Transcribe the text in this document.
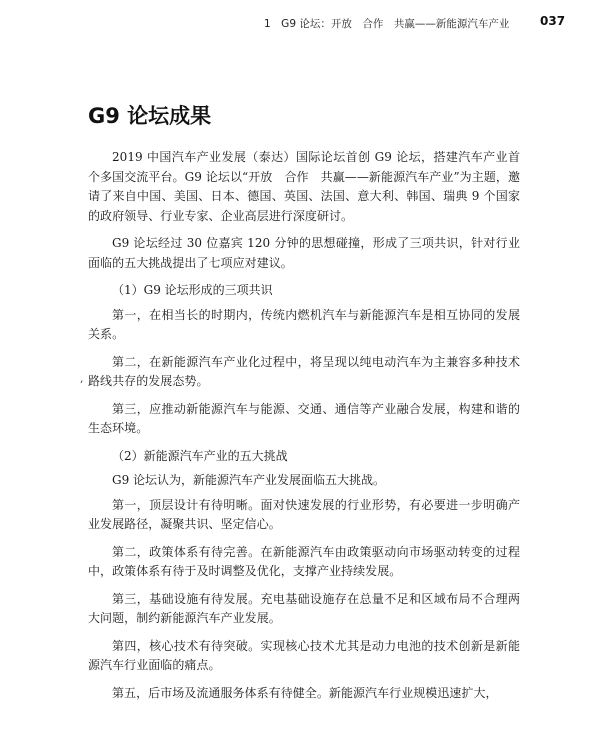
1　G9 论坛：开放　合作　共赢——新能源汽车产业	037
G9 论坛成果
,

2019 中国汽车产业发展（泰达）国际论坛首创 G9 论坛，搭建汽车产业首个多国交流平台。G9 论坛以“开放　合作　共赢——新能源汽车产业”为主题，邀请了来自中国、美国、日本、德国、英国、法国、意大利、韩国、瑞典 9 个国家的政府领导、行业专家、企业高层进行深度研讨。

G9 论坛经过 30 位嘉宾 120 分钟的思想碰撞，形成了三项共识，针对行业面临的五大挑战提出了七项应对建议。

（1）G9 论坛形成的三项共识

第一，在相当长的时期内，传统内燃机汽车与新能源汽车是相互协同的发展关系。

第二，在新能源汽车产业化过程中，将呈现以纯电动汽车为主兼容多种技术路线共存的发展态势。

第三，应推动新能源汽车与能源、交通、通信等产业融合发展，构建和谐的生态环境。

（2）新能源汽车产业的五大挑战

G9 论坛认为，新能源汽车产业发展面临五大挑战。

第一，顶层设计有待明晰。面对快速发展的行业形势，有必要进一步明确产业发展路径，凝聚共识、坚定信心。

第二，政策体系有待完善。在新能源汽车由政策驱动向市场驱动转变的过程中，政策体系有待于及时调整及优化，支撑产业持续发展。

第三，基础设施有待发展。充电基础设施存在总量不足和区域布局不合理两大问题，制约新能源汽车产业发展。

第四，核心技术有待突破。实现核心技术尤其是动力电池的技术创新是新能源汽车行业面临的痛点。

第五，后市场及流通服务体系有待健全。新能源汽车行业规模迅速扩大，
